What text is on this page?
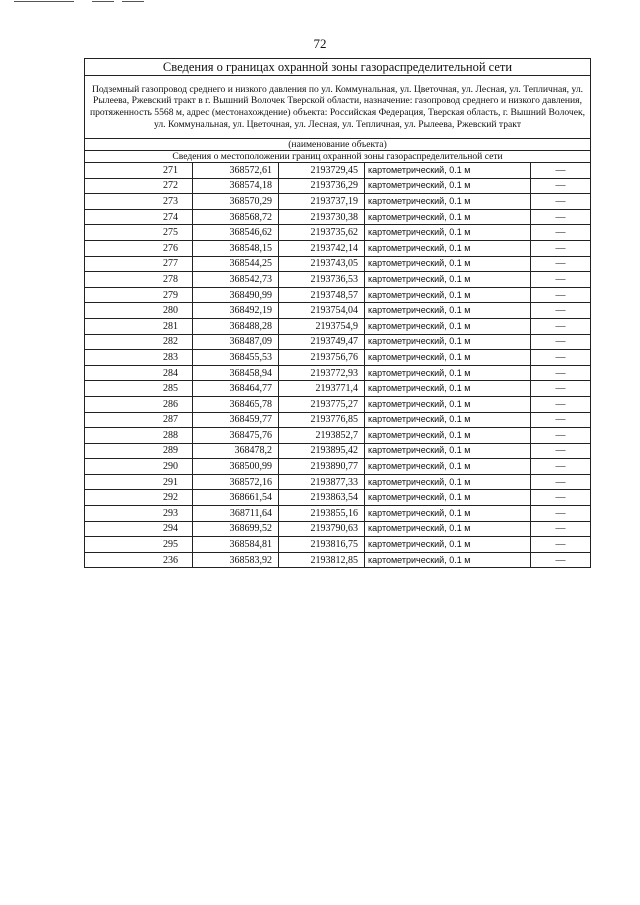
72
Сведения о границах охранной зоны газораспределительной сети				
Подземный газопровод среднего и низкого давления по ул. Коммунальная, ул. Цветочная, ул. Лесная, ул. Тепличная, ул. Рылеева, Ржевский тракт в г. Вышний Волочек Тверской области, назначение: газопровод среднего и низкого давления, протяженность 5568 м, адрес (местонахождение) объекта: Российская Федерация, Тверская область, г. Вышний Волочек, ул. Коммунальная, ул. Цветочная, ул. Лесная, ул. Тепличная, ул. Рылеева, Ржевский тракт				
(наименование объекта)				
Сведения о местоположении границ охранной зоны газораспределительной сети				
271	368572,61	2193729,45	картометрический, 0.1 м	—
272	368574,18	2193736,29	картометрический, 0.1 м	—
273	368570,29	2193737,19	картометрический, 0.1 м	—
274	368568,72	2193730,38	картометрический, 0.1 м	—
275	368546,62	2193735,62	картометрический, 0.1 м	—
276	368548,15	2193742,14	картометрический, 0.1 м	—
277	368544,25	2193743,05	картометрический, 0.1 м	—
278	368542,73	2193736,53	картометрический, 0.1 м	—
279	368490,99	2193748,57	картометрический, 0.1 м	—
280	368492,19	2193754,04	картометрический, 0.1 м	—
281	368488,28	2193754,9	картометрический, 0.1 м	—
282	368487,09	2193749,47	картометрический, 0.1 м	—
283	368455,53	2193756,76	картометрический, 0.1 м	—
284	368458,94	2193772,93	картометрический, 0.1 м	—
285	368464,77	2193771,4	картометрический, 0.1 м	—
286	368465,78	2193775,27	картометрический, 0.1 м	—
287	368459,77	2193776,85	картометрический, 0.1 м	—
288	368475,76	2193852,7	картометрический, 0.1 м	—
289	368478,2	2193895,42	картометрический, 0.1 м	—
290	368500,99	2193890,77	картометрический, 0.1 м	—
291	368572,16	2193877,33	картометрический, 0.1 м	—
292	368661,54	2193863,54	картометрический, 0.1 м	—
293	368711,64	2193855,16	картометрический, 0.1 м	—
294	368699,52	2193790,63	картометрический, 0.1 м	—
295	368584,81	2193816,75	картометрический, 0.1 м	—
236	368583,92	2193812,85	картометрический, 0.1 м	—
